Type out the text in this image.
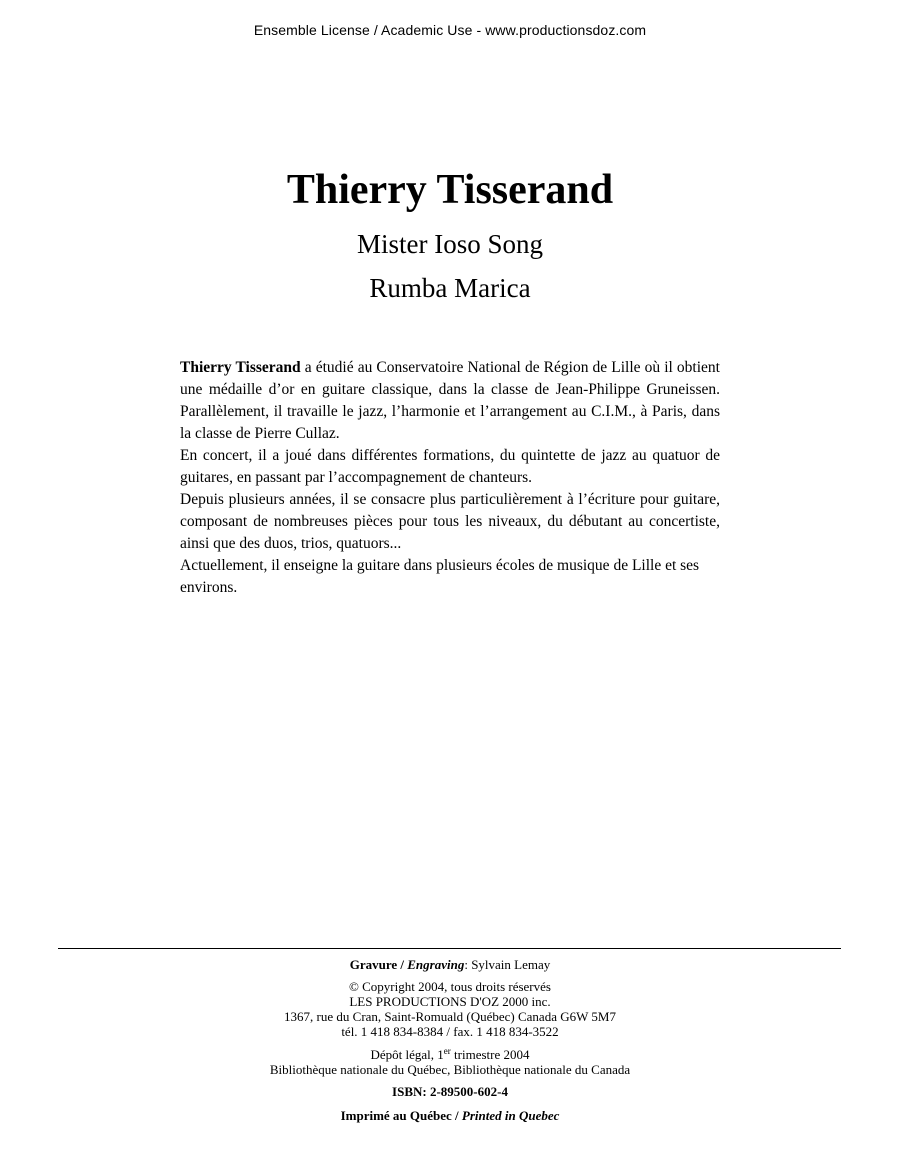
Ensemble License / Academic Use - www.productionsdoz.com
Thierry Tisserand
Mister Ioso Song
Rumba Marica

Thierry Tisserand a étudié au Conservatoire National de Région de Lille où il obtient une médaille d’or en guitare classique, dans la classe de Jean-Philippe Gruneissen. Parallèlement, il travaille le jazz, l’harmonie et l’arrangement au C.I.M., à Paris, dans la classe de Pierre Cullaz.

En concert, il a joué dans différentes formations, du quintette de jazz au quatuor de guitares, en passant par l’accompagnement de chanteurs.

Depuis plusieurs années, il se consacre plus particulièrement à l’écriture pour guitare, composant de nombreuses pièces pour tous les niveaux, du débutant au concertiste, ainsi que des duos, trios, quatuors...

Actuellement, il enseigne la guitare dans plusieurs écoles de musique de Lille et ses environs.

Gravure / Engraving: Sylvain Lemay
© Copyright 2004, tous droits réservés
LES PRODUCTIONS D'OZ 2000 inc.
1367, rue du Cran, Saint-Romuald (Québec) Canada G6W 5M7
tél. 1 418 834-8384 / fax. 1 418 834-3522
Dépôt légal, 1er trimestre 2004
Bibliothèque nationale du Québec, Bibliothèque nationale du Canada
ISBN: 2-89500-602-4
Imprimé au Québec / Printed in Quebec
